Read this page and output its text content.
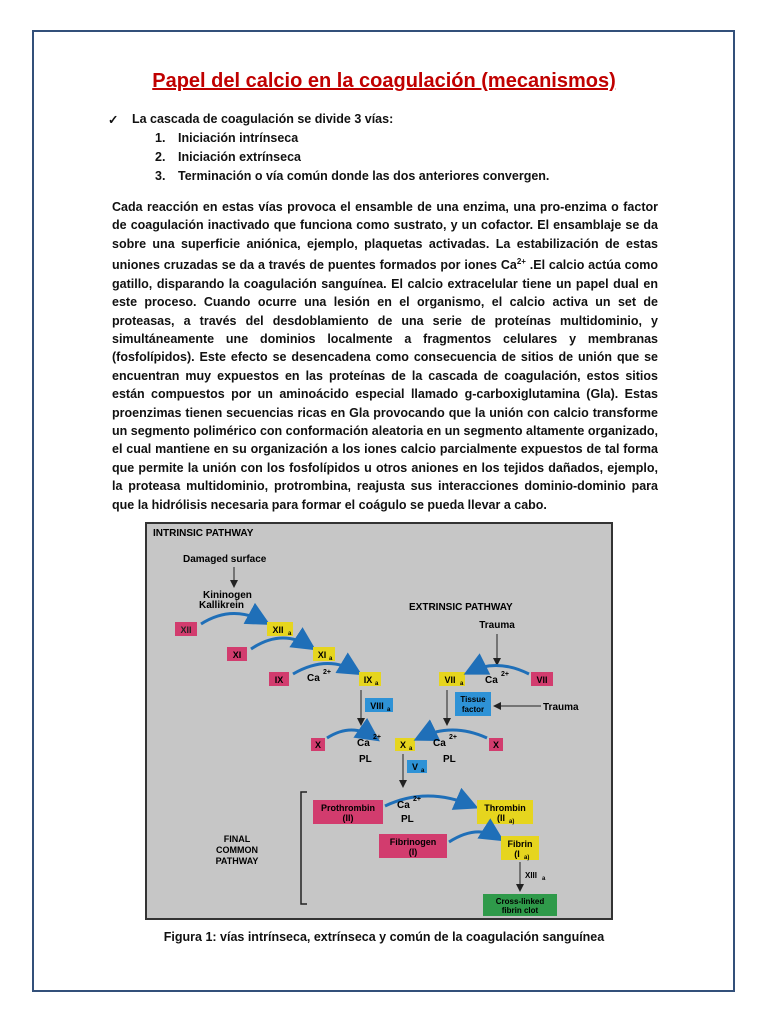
Papel del calcio en la coagulación (mecanismos)
✓ La cascada de coagulación se divide 3 vías:
1. Iniciación intrínseca
2. Iniciación extrínseca
3. Terminación o vía común donde las dos anteriores convergen.

Cada reacción en estas vías provoca el ensamble de una enzima, una pro-enzima o factor de coagulación inactivado que funciona como sustrato, y un cofactor. El ensamblaje se da sobre una superficie aniónica, ejemplo, plaquetas activadas. La estabilización de estas uniones cruzadas se da a través de puentes formados por iones $Ca^{2+}$ .El calcio actúa como gatillo, disparando la coagulación sanguínea. El calcio extracelular tiene un papel dual en este proceso. Cuando ocurre una lesión en el organismo, el calcio activa un set de proteasas, a través del desdoblamiento de una serie de proteínas multidominio, y simultáneamente une dominios localmente a fragmentos celulares y membranas (fosfolípidos). Este efecto se desencadena como consecuencia de sitios de unión que se encuentran muy expuestos en las proteínas de la cascada de coagulación, estos sitios están compuestos por un aminoácido especial llamado g-carboxiglutamina (Gla). Estas proenzimas tienen secuencias ricas en Gla provocando que la unión con calcio transforme un segmento polimérico con conformación aleatoria en un segmento altamente organizado, el cual mantiene en su organización a los iones calcio parcialmente expuestos de tal forma que permite la unión con los fosfolípidos u otros aniones en los tejidos dañados, ejemplo, la proteasa multidominio, protrombina, reajusta sus interacciones dominio-dominio para que la hidrólisis necesaria para formar el coágulo se pueda llevar a cabo.

INTRINSIC PATHWAY
EXTRINSIC PATHWAY
FINAL
COMMON
PATHWAY
Damaged surface
Kininogen
Kallikrein
XII	XII a
XI	XI a
IX Ca
2+
IX a
VIII a
Trauma
VII a Ca
2+
VII
Tissue
factor	Trauma
X	Ca
2+
PL
X a Ca
2+
PL
X
V a
Prothrombin
(II)
Ca
2+
PL
Thrombin
(II a)
Fibrinogen
(I)
Fibrin
(I a)
XIII a
Cross-linked
fibrin clot
Figura 1: vías intrínseca, extrínseca y común de la coagulación sanguínea
